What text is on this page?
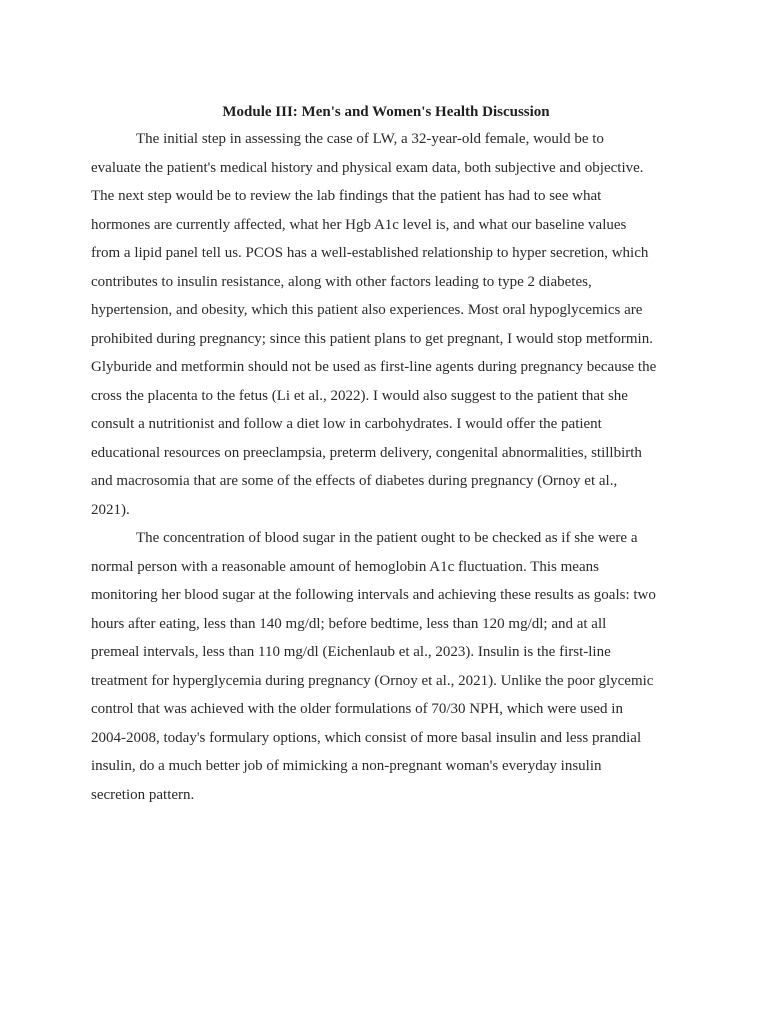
Module III: Men's and Women's Health Discussion

The initial step in assessing the case of LW, a 32-year-old female, would be to
evaluate the patient's medical history and physical exam data, both subjective and objective.
The next step would be to review the lab findings that the patient has had to see what
hormones are currently affected, what her Hgb A1c level is, and what our baseline values
from a lipid panel tell us. PCOS has a well-established relationship to hyper secretion, which
contributes to insulin resistance, along with other factors leading to type 2 diabetes,
hypertension, and obesity, which this patient also experiences. Most oral hypoglycemics are
prohibited during pregnancy; since this patient plans to get pregnant, I would stop metformin.
Glyburide and metformin should not be used as first-line agents during pregnancy because the
cross the placenta to the fetus (Li et al., 2022). I would also suggest to the patient that she
consult a nutritionist and follow a diet low in carbohydrates. I would offer the patient
educational resources on preeclampsia, preterm delivery, congenital abnormalities, stillbirth
and macrosomia that are some of the effects of diabetes during pregnancy (Ornoy et al.,
2021).

The concentration of blood sugar in the patient ought to be checked as if she were a
normal person with a reasonable amount of hemoglobin A1c fluctuation. This means
monitoring her blood sugar at the following intervals and achieving these results as goals: two
hours after eating, less than 140 mg/dl; before bedtime, less than 120 mg/dl; and at all
premeal intervals, less than 110 mg/dl (Eichenlaub et al., 2023). Insulin is the first-line
treatment for hyperglycemia during pregnancy (Ornoy et al., 2021). Unlike the poor glycemic
control that was achieved with the older formulations of 70/30 NPH, which were used in
2004-2008, today's formulary options, which consist of more basal insulin and less prandial
insulin, do a much better job of mimicking a non-pregnant woman's everyday insulin
secretion pattern.
